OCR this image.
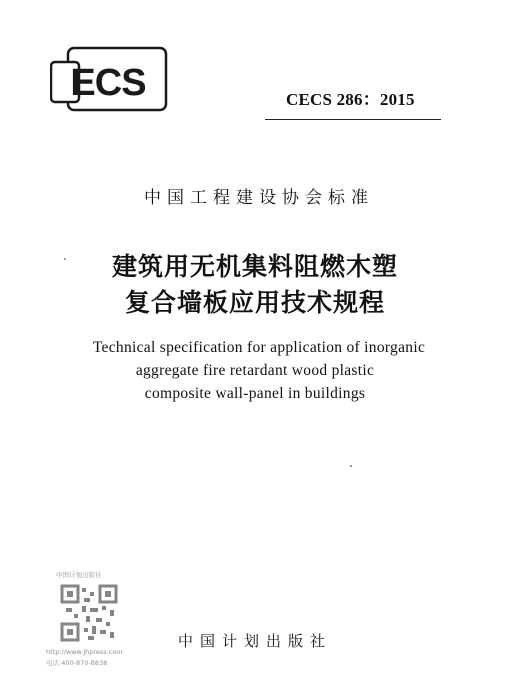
ECS	CECS 286：2015
中国工程建设协会标准
建筑用无机集料阻燃木塑
复合墙板应用技术规程
Technical specification for application of inorganic
aggregate fire retardant wood plastic
composite wall-panel in buildings
中国计划出版社
http://www.jhpress.com
电话:400-870-8838
中国计划出版社
